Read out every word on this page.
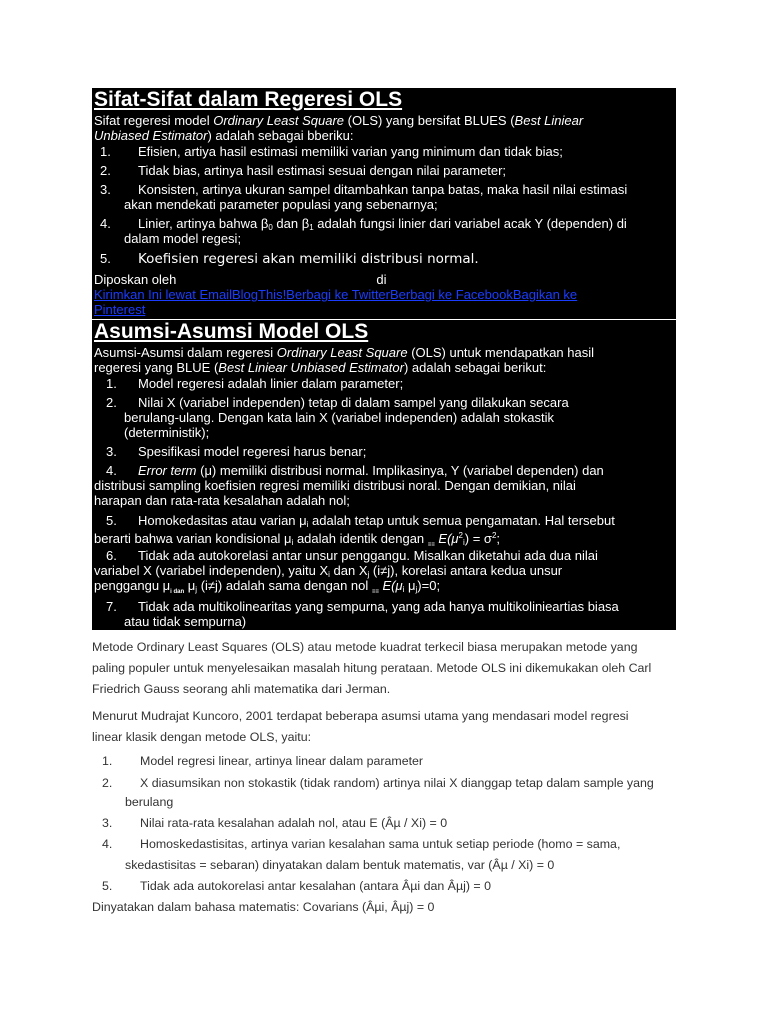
Sifat-Sifat dalam Regeresi OLS
Sifat regeresi model Ordinary Least Square (OLS) yang bersifat BLUES (Best Liniear
Unbiased Estimator) adalah sebagai bberiku:
1. Efisien, artiya hasil estimasi memiliki varian yang minimum dan tidak bias;
2. Tidak bias, artinya hasil estimasi sesuai dengan nilai parameter;
3. Konsisten, artinya ukuran sampel ditambahkan tanpa batas, maka hasil nilai estimasi
akan mendekati parameter populasi yang sebenarnya;
4. Linier, artinya bahwa $\beta_0$ dan $\beta_1$ adalah fungsi linier dari variabel acak Y (dependen) di
dalam model regesi;
5. Koefisien regeresi akan memiliki distribusi normal.
Diposkan oleh	di
Kirimkan Ini lewat EmailBlogThis!Berbagi ke TwitterBerbagi ke FacebookBagikan ke
Pinterest
Asumsi-Asumsi Model OLS
Asumsi-Asumsi dalam regeresi Ordinary Least Square (OLS) untuk mendapatkan hasil
regeresi yang BLUE (Best Liniear Unbiased Estimator) adalah sebagai berikut:
1. Model regeresi adalah linier dalam parameter;
2. Nilai X (variabel independen) tetap di dalam sampel yang dilakukan secara
berulang-ulang. Dengan kata lain X (variabel independen) adalah stokastik
(deterministik);
3. Spesifikasi model regeresi harus benar;
4. Error term (μ) memiliki distribusi normal. Implikasinya, Y (variabel dependen) dan
distribusi sampling koefisien regresi memiliki distribusi noral. Dengan demikian, nilai
harapan dan rata-rata kesalahan adalah nol;
5. Homokedasitas atau varian $\mu_i$ adalah tetap untuk semua pengamatan. Hal tersebut
berarti bahwa varian kondisional $\mu_i$ adalah identik dengan $_{\equiv\equiv}$ $E(\mu^2_i) = \sigma^2$;
6. Tidak ada autokorelasi antar unsur penggangu. Misalkan diketahui ada dua nilai
variabel X (variabel independen), yaitu $X_i$ dan $X_j$ (i≠j), korelasi antara kedua unsur
penggangu $\mu_{i dan}$ $\mu_j$ (i≠j) adalah sama dengan nol $_{\equiv\equiv}$ $E(\mu_i$ $\mu_j)=0$;
7. Tidak ada multikolinearitas yang sempurna, yang ada hanya multikolinieartias biasa
atau tidak sempurna)
Metode Ordinary Least Squares (OLS) atau metode kuadrat terkecil biasa merupakan metode yang
paling populer untuk menyelesaikan masalah hitung perataan. Metode OLS ini dikemukakan oleh Carl
Friedrich Gauss seorang ahli matematika dari Jerman.
Menurut Mudrajat Kuncoro, 2001 terdapat beberapa asumsi utama yang mendasari model regresi
linear klasik dengan metode OLS, yaitu:
1. Model regresi linear, artinya linear dalam parameter
2. X diasumsikan non stokastik (tidak random) artinya nilai X dianggap tetap dalam sample yang
berulang
3. Nilai rata-rata kesalahan adalah nol, atau E (Âµ / Xi) = 0
4. Homoskedastisitas, artinya varian kesalahan sama untuk setiap periode (homo = sama,
skedastisitas = sebaran) dinyatakan dalam bentuk matematis, var (Âµ / Xi) = 0
5. Tidak ada autokorelasi antar kesalahan (antara Âµi dan Âµj) = 0
Dinyatakan dalam bahasa matematis: Covarians (Âµi, Âµj) = 0
